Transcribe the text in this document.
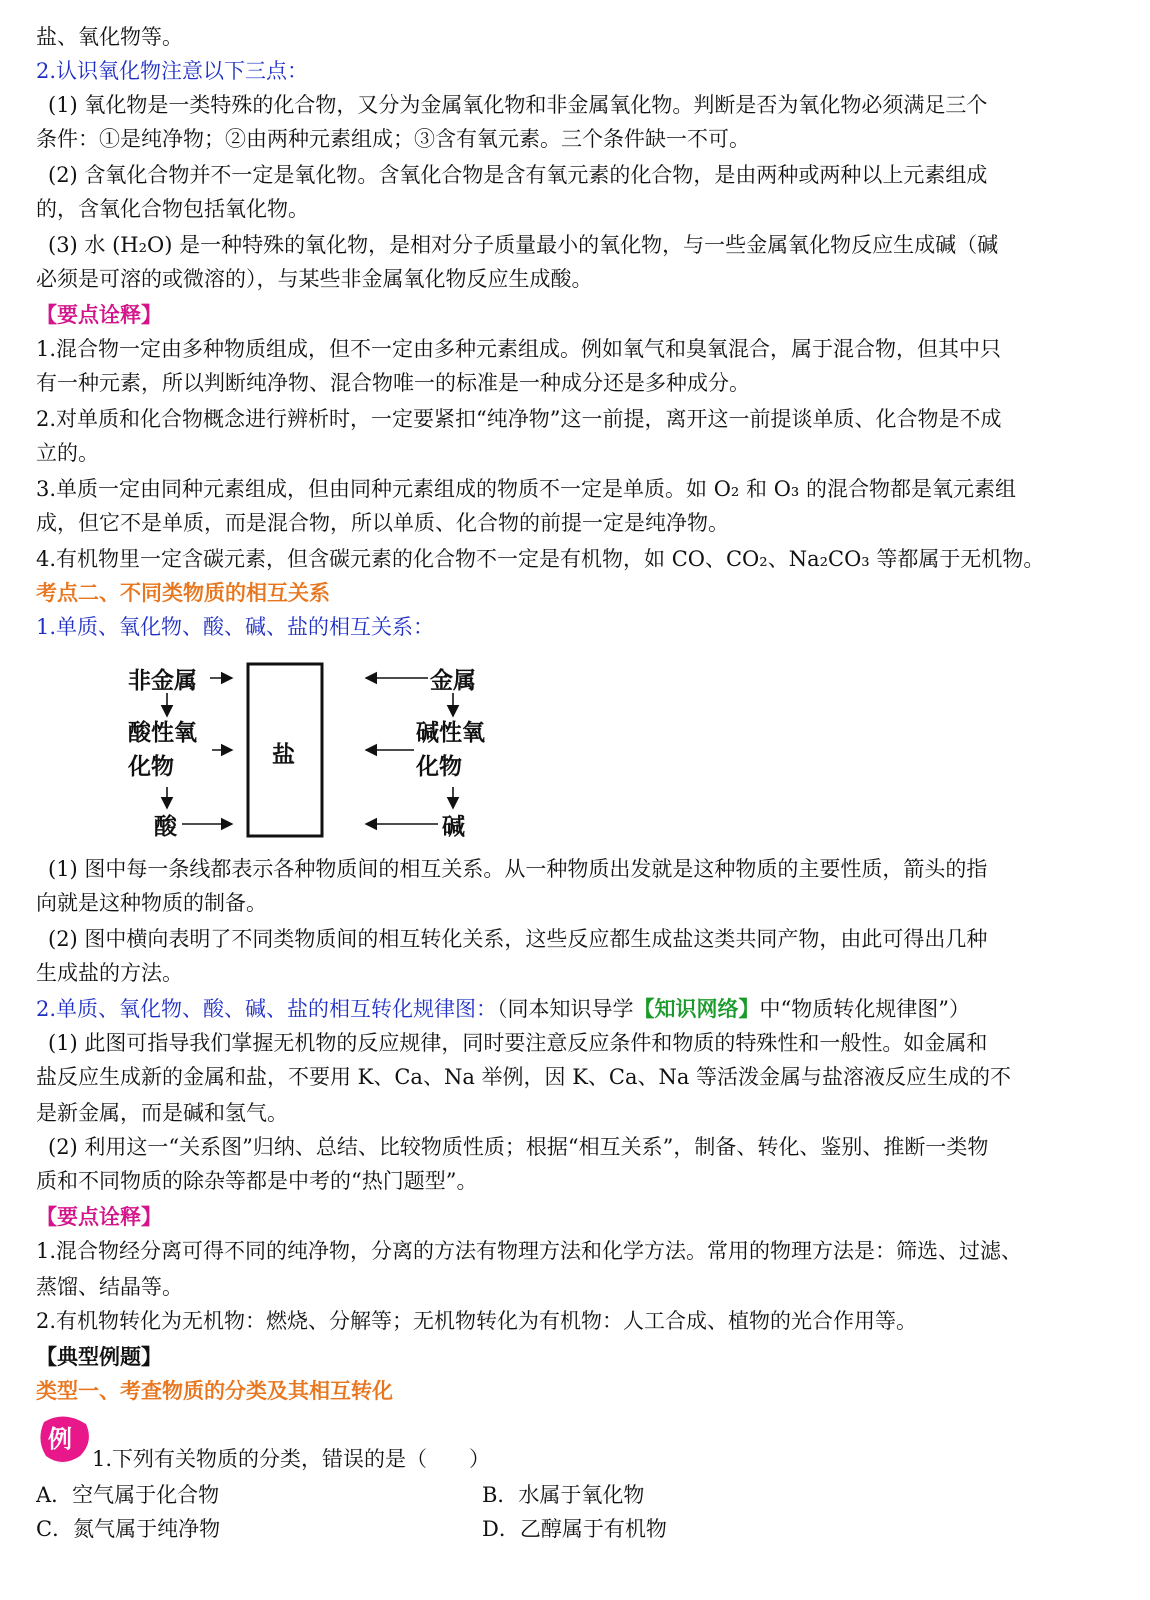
盐、氧化物等。
2.认识氧化物注意以下三点：
(1) 氧化物是一类特殊的化合物，又分为金属氧化物和非金属氧化物。判断是否为氧化物必须满足三个
条件：①是纯净物；②由两种元素组成；③含有氧元素。三个条件缺一不可。
(2) 含氧化合物并不一定是氧化物。含氧化合物是含有氧元素的化合物，是由两种或两种以上元素组成
的，含氧化合物包括氧化物。
(3) 水 (H₂O) 是一种特殊的氧化物，是相对分子质量最小的氧化物，与一些金属氧化物反应生成碱（碱
必须是可溶的或微溶的），与某些非金属氧化物反应生成酸。
【要点诠释】
1.混合物一定由多种物质组成，但不一定由多种元素组成。例如氧气和臭氧混合，属于混合物，但其中只
有一种元素，所以判断纯净物、混合物唯一的标准是一种成分还是多种成分。
2.对单质和化合物概念进行辨析时，一定要紧扣“纯净物”这一前提，离开这一前提谈单质、化合物是不成
立的。
3.单质一定由同种元素组成，但由同种元素组成的物质不一定是单质。如 O₂ 和 O₃ 的混合物都是氧元素组
成，但它不是单质，而是混合物，所以单质、化合物的前提一定是纯净物。
4.有机物里一定含碳元素，但含碳元素的化合物不一定是有机物，如 CO、CO₂、Na₂CO₃ 等都属于无机物。
考点二、不同类物质的相互关系
1.单质、氧化物、酸、碱、盐的相互关系：
非金属
酸性氧
化物
酸
盐
金属
碱性氧
化物
碱
(1) 图中每一条线都表示各种物质间的相互关系。从一种物质出发就是这种物质的主要性质，箭头的指
向就是这种物质的制备。
(2) 图中横向表明了不同类物质间的相互转化关系，这些反应都生成盐这类共同产物，由此可得出几种
生成盐的方法。
2.单质、氧化物、酸、碱、盐的相互转化规律图：（同本知识导学【知识网络】中“物质转化规律图”）
(1) 此图可指导我们掌握无机物的反应规律，同时要注意反应条件和物质的特殊性和一般性。如金属和
盐反应生成新的金属和盐，不要用 K、Ca、Na 举例，因 K、Ca、Na 等活泼金属与盐溶液反应生成的不
是新金属，而是碱和氢气。
(2) 利用这一“关系图”归纳、总结、比较物质性质；根据“相互关系”，制备、转化、鉴别、推断一类物
质和不同物质的除杂等都是中考的“热门题型”。
【要点诠释】
1.混合物经分离可得不同的纯净物，分离的方法有物理方法和化学方法。常用的物理方法是：筛选、过滤、
蒸馏、结晶等。
2.有机物转化为无机物：燃烧、分解等；无机物转化为有机物：人工合成、植物的光合作用等。
【典型例题】
类型一、考查物质的分类及其相互转化
例
1.下列有关物质的分类，错误的是（　　）
A．空气属于化合物	B．水属于氧化物
C．氮气属于纯净物	D．乙醇属于有机物
